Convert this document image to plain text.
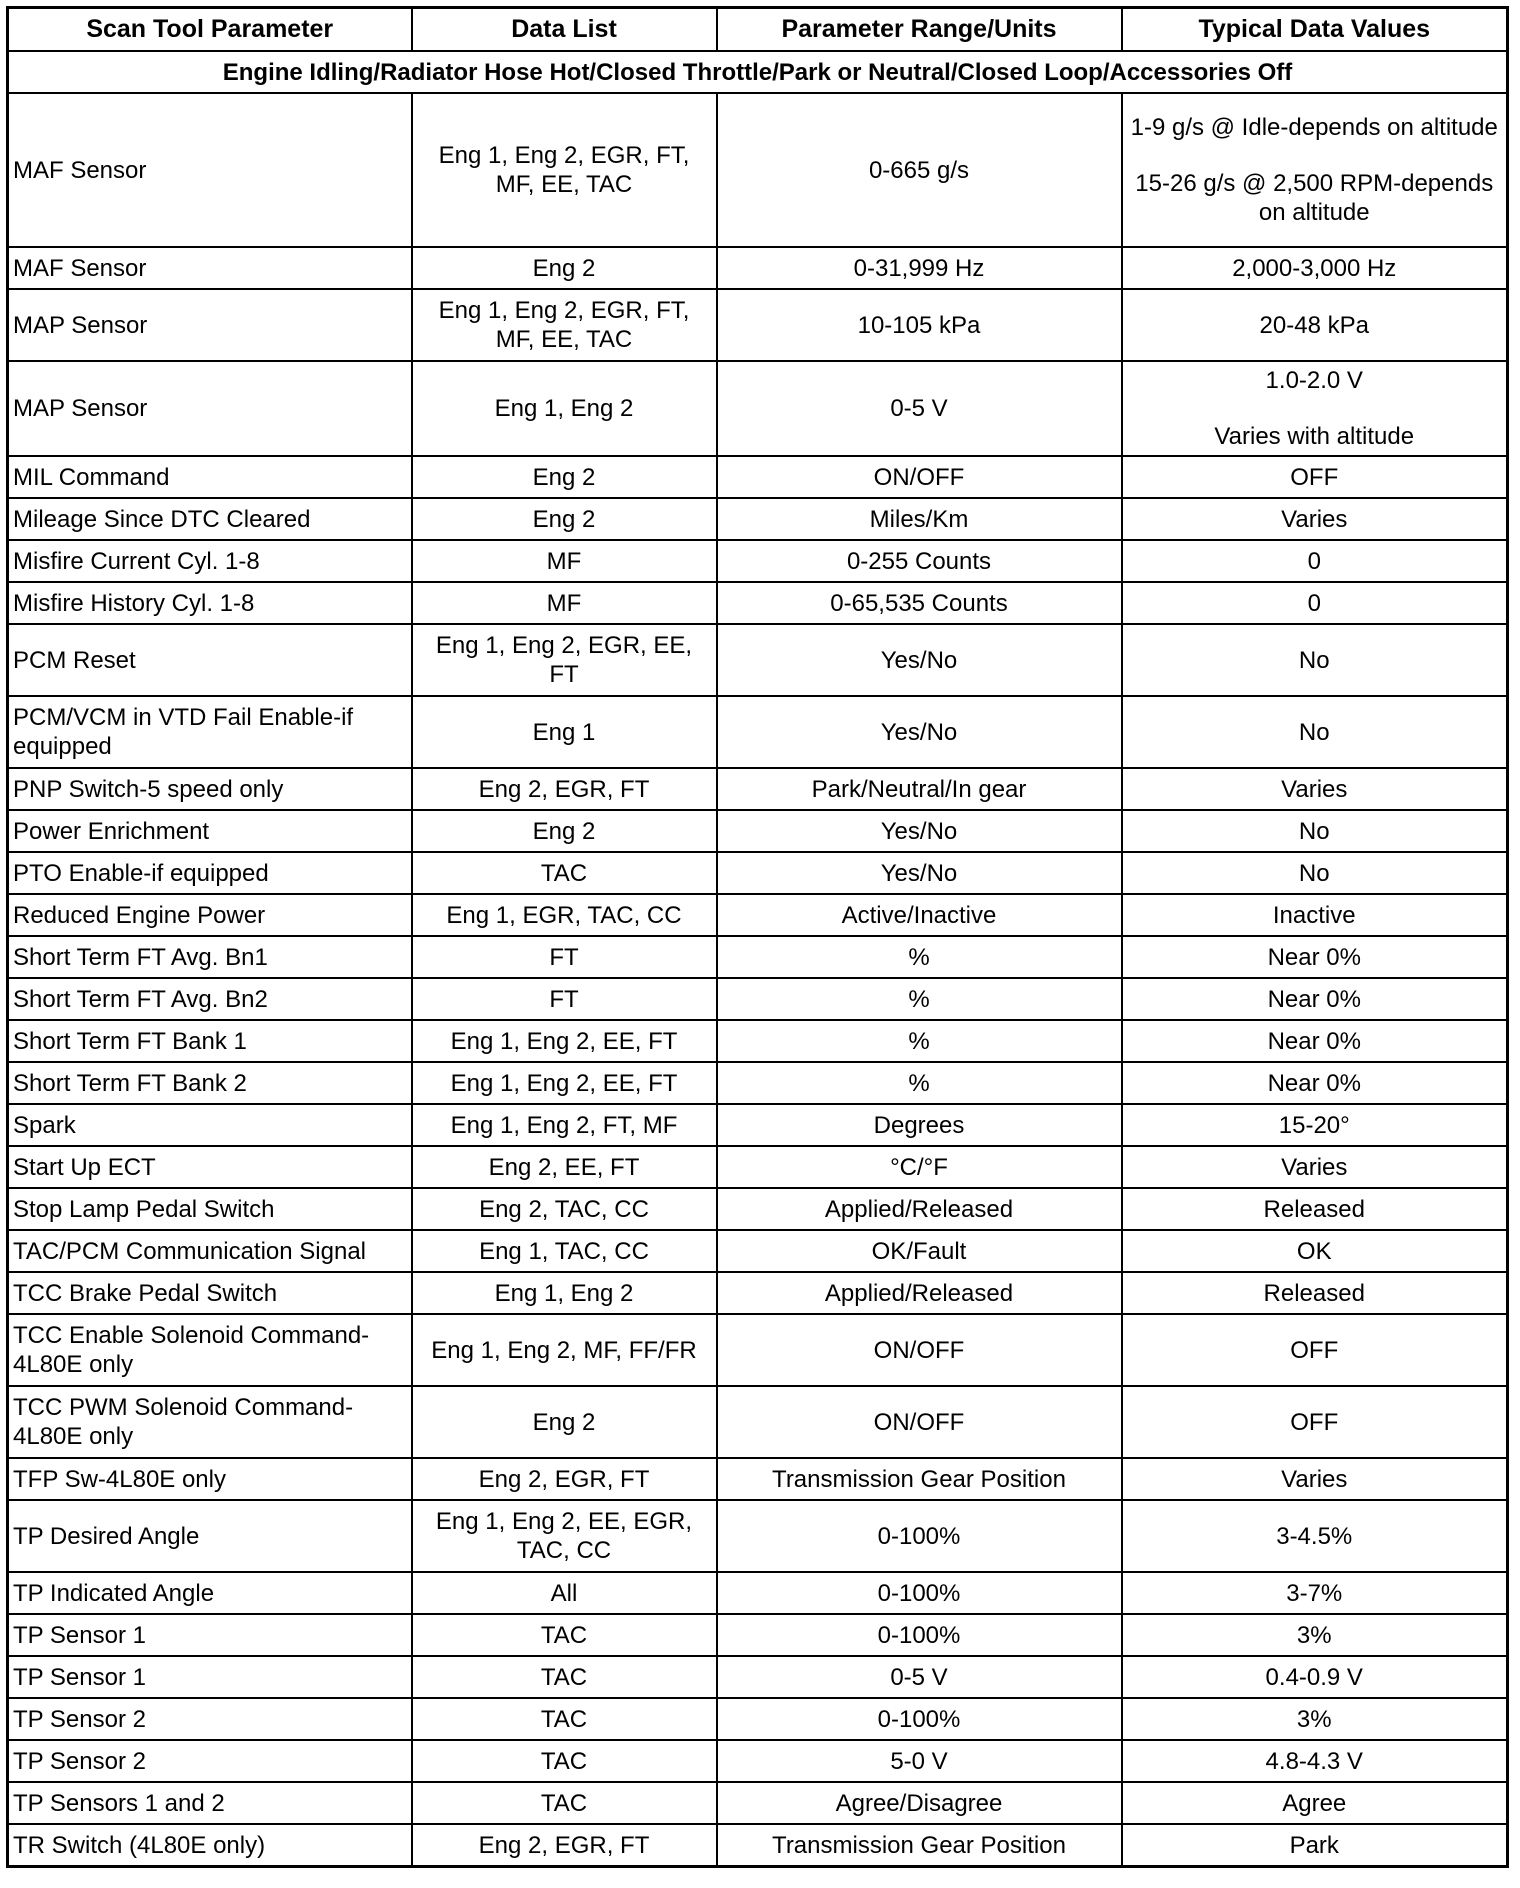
Scan Tool Parameter	Data List	Parameter Range/Units	Typical Data Values
Engine Idling/Radiator Hose Hot/Closed Throttle/Park or Neutral/Closed Loop/Accessories Off			
MAF Sensor	Eng 1, Eng 2, EGR, FT, MF, EE, TAC	0-665 g/s	1-9 g/s @ Idle-depends on altitude
15-26 g/s @ 2,500 RPM-depends on altitude

MAF Sensor	Eng 2	0-31,999 Hz	2,000-3,000 Hz
MAP Sensor	Eng 1, Eng 2, EGR, FT, MF, EE, TAC	10-105 kPa	20-48 kPa
MAP Sensor	Eng 1, Eng 2	0-5 V	1.0-2.0 V
Varies with altitude

MIL Command	Eng 2	ON/OFF	OFF
Mileage Since DTC Cleared	Eng 2	Miles/Km	Varies
Misfire Current Cyl. 1-8	MF	0-255 Counts	0
Misfire History Cyl. 1-8	MF	0-65,535 Counts	0
PCM Reset	Eng 1, Eng 2, EGR, EE, FT	Yes/No	No
PCM/VCM in VTD Fail Enable-if equipped	Eng 1	Yes/No	No
PNP Switch-5 speed only	Eng 2, EGR, FT	Park/Neutral/In gear	Varies
Power Enrichment	Eng 2	Yes/No	No
PTO Enable-if equipped	TAC	Yes/No	No
Reduced Engine Power	Eng 1, EGR, TAC, CC	Active/Inactive	Inactive
Short Term FT Avg. Bn1	FT	%	Near 0%
Short Term FT Avg. Bn2	FT	%	Near 0%
Short Term FT Bank 1	Eng 1, Eng 2, EE, FT	%	Near 0%
Short Term FT Bank 2	Eng 1, Eng 2, EE, FT	%	Near 0%
Spark	Eng 1, Eng 2, FT, MF	Degrees	15-20°
Start Up ECT	Eng 2, EE, FT	°C/°F	Varies
Stop Lamp Pedal Switch	Eng 2, TAC, CC	Applied/Released	Released
TAC/PCM Communication Signal	Eng 1, TAC, CC	OK/Fault	OK
TCC Brake Pedal Switch	Eng 1, Eng 2	Applied/Released	Released
TCC Enable Solenoid Command-4L80E only	Eng 1, Eng 2, MF, FF/FR	ON/OFF	OFF
TCC PWM Solenoid Command-4L80E only	Eng 2	ON/OFF	OFF
TFP Sw-4L80E only	Eng 2, EGR, FT	Transmission Gear Position	Varies
TP Desired Angle	Eng 1, Eng 2, EE, EGR, TAC, CC	0-100%	3-4.5%
TP Indicated Angle	All	0-100%	3-7%
TP Sensor 1	TAC	0-100%	3%
TP Sensor 1	TAC	0-5 V	0.4-0.9 V
TP Sensor 2	TAC	0-100%	3%
TP Sensor 2	TAC	5-0 V	4.8-4.3 V
TP Sensors 1 and 2	TAC	Agree/Disagree	Agree
TR Switch (4L80E only)	Eng 2, EGR, FT	Transmission Gear Position	Park
